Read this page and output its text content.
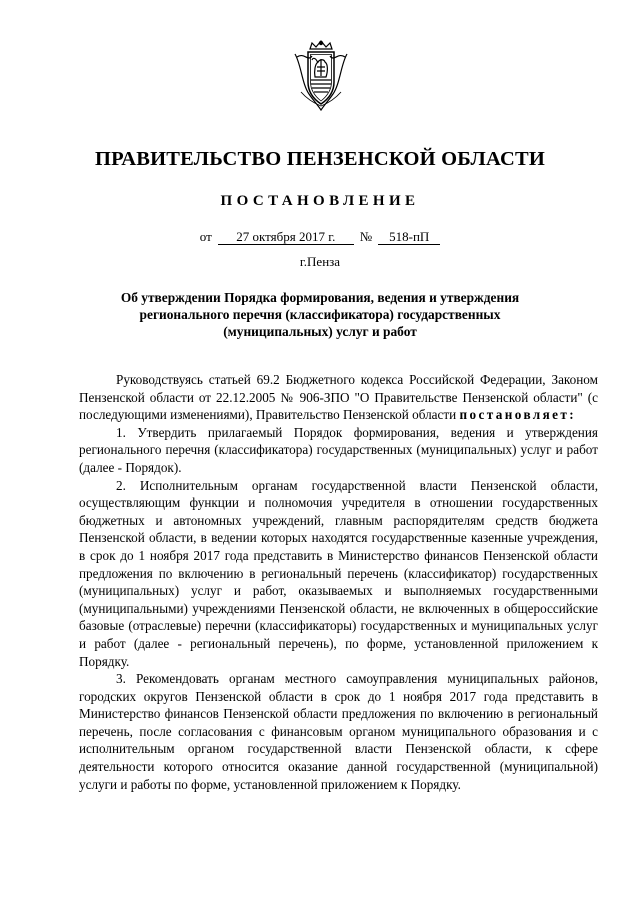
ПРАВИТЕЛЬСТВО ПЕНЗЕНСКОЙ ОБЛАСТИ
ПОСТАНОВЛЕНИЕ
от 27 октября 2017 г. № 518-пП
г.Пенза
Об утверждении Порядка формирования, ведения и утверждения
регионального перечня (классификатора) государственных
(муниципальных) услуг и работ

Руководствуясь статьей 69.2 Бюджетного кодекса Российской Федерации, Законом Пензенской области от 22.12.2005 № 906-ЗПО "О Правительстве Пензенской области" (с последующими изменениями), Правительство Пензенской области постановляет:

1. Утвердить прилагаемый Порядок формирования, ведения и утверждения регионального перечня (классификатора) государственных (муниципальных) услуг и работ (далее - Порядок).

2. Исполнительным органам государственной власти Пензенской области, осуществляющим функции и полномочия учредителя в отношении государственных бюджетных и автономных учреждений, главным распорядителям средств бюджета Пензенской области, в ведении которых находятся государственные казенные учреждения, в срок до 1 ноября 2017 года представить в Министерство финансов Пензенской области предложения по включению в региональный перечень (классификатор) государственных (муниципальных) услуг и работ, оказываемых и выполняемых государственными (муниципальными) учреждениями Пензенской области, не включенных в общероссийские базовые (отраслевые) перечни (классификаторы) государственных и муниципальных услуг и работ (далее - региональный перечень), по форме, установленной приложением к Порядку.

3. Рекомендовать органам местного самоуправления муниципальных районов, городских округов Пензенской области в срок до 1 ноября 2017 года представить в Министерство финансов Пензенской области предложения по включению в региональный перечень, после согласования с финансовым органом муниципального образования и с исполнительным органом государственной власти Пензенской области, к сфере деятельности которого относится оказание данной государственной (муниципальной) услуги и работы по форме, установленной приложением к Порядку.
